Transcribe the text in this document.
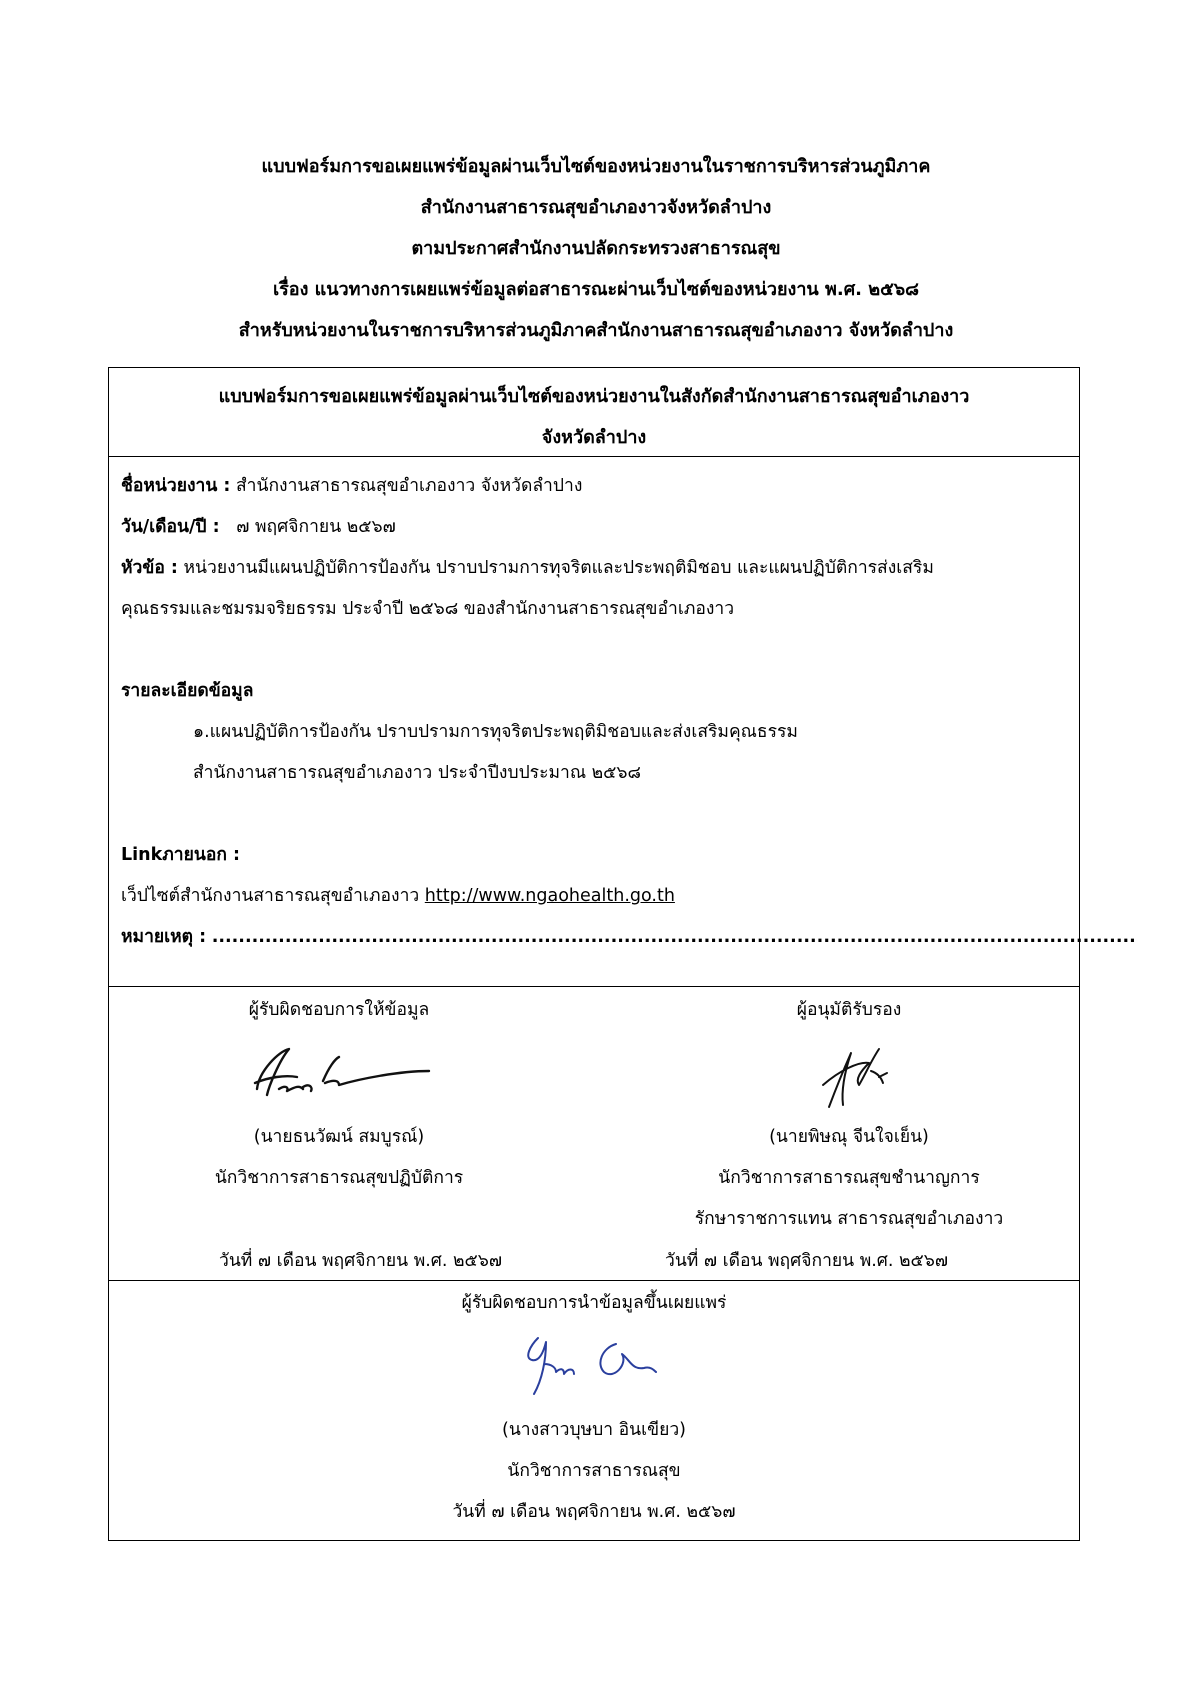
แบบฟอร์มการขอเผยแพร่ข้อมูลผ่านเว็บไซต์ของหน่วยงานในราชการบริหารส่วนภูมิภาค
สำนักงานสาธารณสุขอำเภองาวจังหวัดลำปาง
ตามประกาศสำนักงานปลัดกระทรวงสาธารณสุข
เรื่อง แนวทางการเผยแพร่ข้อมูลต่อสาธารณะผ่านเว็บไซต์ของหน่วยงาน พ.ศ. ๒๕๖๘
สำหรับหน่วยงานในราชการบริหารส่วนภูมิภาคสำนักงานสาธารณสุขอำเภองาว จังหวัดลำปาง
แบบฟอร์มการขอเผยแพร่ข้อมูลผ่านเว็บไซต์ของหน่วยงานในสังกัดสำนักงานสาธารณสุขอำเภองาว
จังหวัดลำปาง
ชื่อหน่วยงาน : สำนักงานสาธารณสุขอำเภองาว จังหวัดลำปาง
วัน/เดือน/ปี : ๗ พฤศจิกายน ๒๕๖๗
หัวข้อ : หน่วยงานมีแผนปฏิบัติการป้องกัน ปราบปรามการทุจริตและประพฤติมิชอบ และแผนปฏิบัติการส่งเสริม
คุณธรรมและชมรมจริยธรรม ประจำปี ๒๕๖๘ ของสำนักงานสาธารณสุขอำเภองาว
รายละเอียดข้อมูล
๑.แผนปฏิบัติการป้องกัน ปราบปรามการทุจริตประพฤติมิชอบและส่งเสริมคุณธรรม
สำนักงานสาธารณสุขอำเภองาว ประจำปีงบประมาณ ๒๕๖๘
Linkภายนอก :
เว็ปไซต์สำนักงานสาธารณสุขอำเภองาว http://www.ngaohealth.go.th
หมายเหตุ : ...........................................................................................................................................
ผู้รับผิดชอบการให้ข้อมูล
(นายธนวัฒน์ สมบูรณ์)
นักวิชาการสาธารณสุขปฏิบัติการ
ผู้อนุมัติรับรอง
(นายพิษณุ จีนใจเย็น)
นักวิชาการสาธารณสุขชำนาญการ
รักษาราชการแทน สาธารณสุขอำเภองาว
วันที่ ๗ เดือน พฤศจิกายน พ.ศ. ๒๕๖๗	วันที่ ๗ เดือน พฤศจิกายน พ.ศ. ๒๕๖๗
ผู้รับผิดชอบการนำข้อมูลขึ้นเผยแพร่
(นางสาวบุษบา อินเขียว)
นักวิชาการสาธารณสุข
วันที่ ๗ เดือน พฤศจิกายน พ.ศ. ๒๕๖๗
